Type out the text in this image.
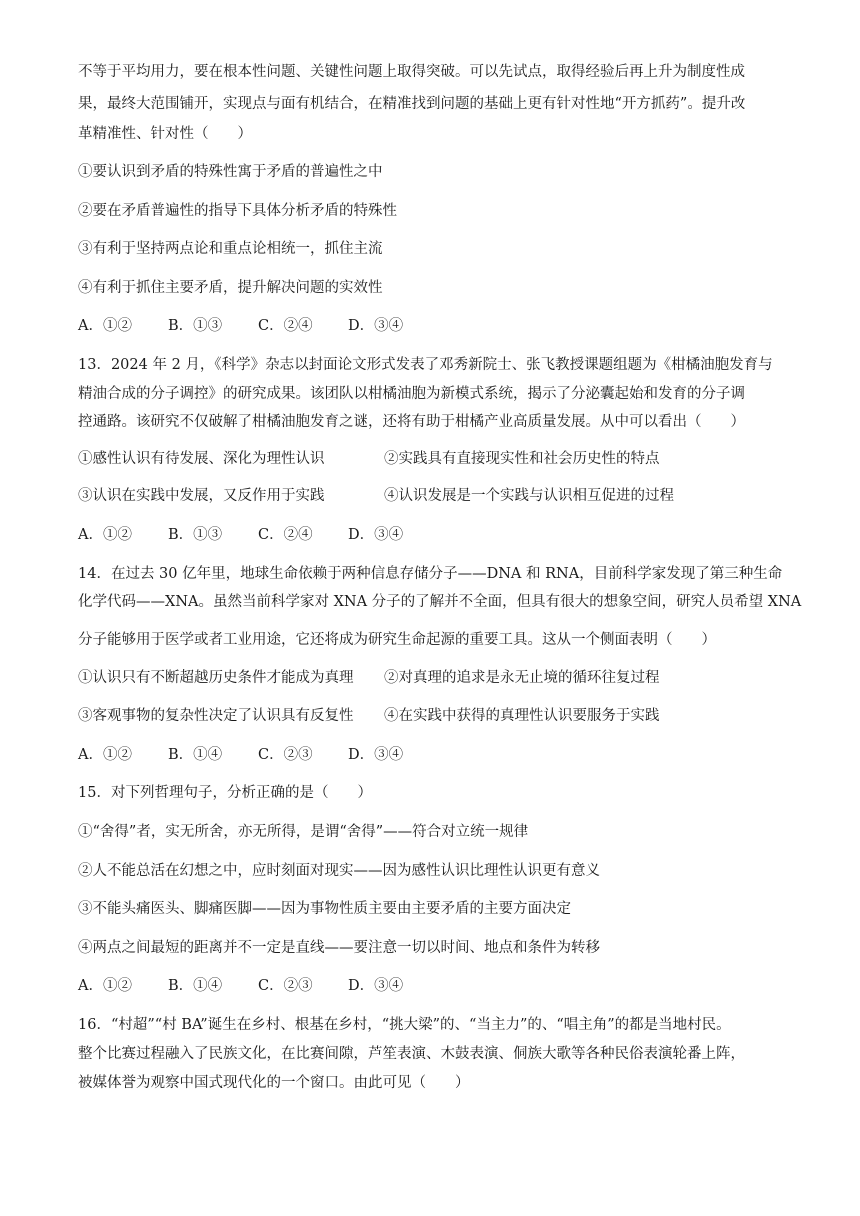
不等于平均用力，要在根本性问题、关键性问题上取得突破。可以先试点，取得经验后再上升为制度性成
果，最终大范围铺开，实现点与面有机结合，在精准找到问题的基础上更有针对性地“开方抓药”。提升改
革精准性、针对性（　　）
①要认识到矛盾的特殊性寓于矛盾的普遍性之中
②要在矛盾普遍性的指导下具体分析矛盾的特殊性
③有利于坚持两点论和重点论相统一，抓住主流
④有利于抓住主要矛盾，提升解决问题的实效性
A．①② B．①③ C．②④ D．③④
13．2024 年 2 月，《科学》杂志以封面论文形式发表了邓秀新院士、张飞教授课题组题为《柑橘油胞发育与
精油合成的分子调控》的研究成果。该团队以柑橘油胞为新模式系统，揭示了分泌囊起始和发育的分子调
控通路。该研究不仅破解了柑橘油胞发育之谜，还将有助于柑橘产业高质量发展。从中可以看出（　　）
①感性认识有待发展、深化为理性认识	②实践具有直接现实性和社会历史性的特点
③认识在实践中发展，又反作用于实践	④认识发展是一个实践与认识相互促进的过程
A．①② B．①③ C．②④ D．③④
14．在过去 30 亿年里，地球生命依赖于两种信息存储分子——DNA 和 RNA，目前科学家发现了第三种生命
化学代码——XNA。虽然当前科学家对 XNA 分子的了解并不全面，但具有很大的想象空间，研究人员希望 XNA
分子能够用于医学或者工业用途，它还将成为研究生命起源的重要工具。这从一个侧面表明（　　）
①认识只有不断超越历史条件才能成为真理 ②对真理的追求是永无止境的循环往复过程
③客观事物的复杂性决定了认识具有反复性 ④在实践中获得的真理性认识要服务于实践
A．①② B．①④ C．②③ D．③④
15．对下列哲理句子，分析正确的是（　　）
①“舍得”者，实无所舍，亦无所得，是谓“舍得”——符合对立统一规律
②人不能总活在幻想之中，应时刻面对现实——因为感性认识比理性认识更有意义
③不能头痛医头、脚痛医脚——因为事物性质主要由主要矛盾的主要方面决定
④两点之间最短的距离并不一定是直线——要注意一切以时间、地点和条件为转移
A．①② B．①④ C．②③ D．③④
16．“村超”“村 BA”诞生在乡村、根基在乡村，“挑大梁”的、“当主力”的、“唱主角”的都是当地村民。
整个比赛过程融入了民族文化，在比赛间隙，芦笙表演、木鼓表演、侗族大歌等各种民俗表演轮番上阵，
被媒体誉为观察中国式现代化的一个窗口。由此可见（　　）
